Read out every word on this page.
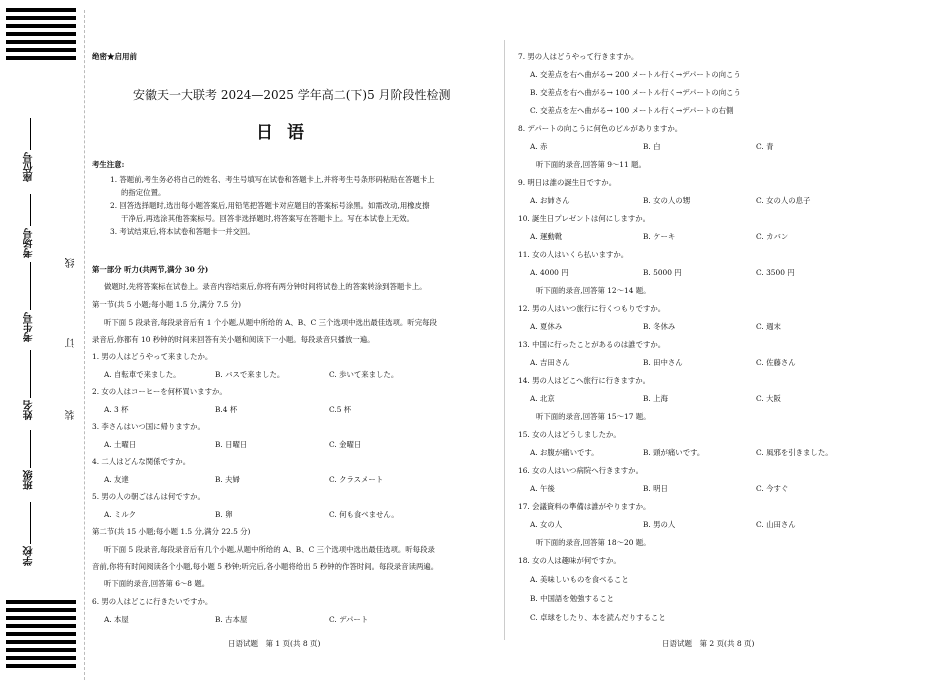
座位号
考场号
考生号
姓名
班级
学校
线
订
装
绝密★启用前
安徽天一大联考 2024—2025 学年高二(下)5 月阶段性检测
日语
考生注意:
1. 答题前,考生务必将自己的姓名、考生号填写在试卷和答题卡上,并将考生号条形码粘贴在答题卡上
的指定位置。
2. 回答选择题时,选出每小题答案后,用铅笔把答题卡对应题目的答案标号涂黑。如需改动,用橡皮擦
干净后,再选涂其他答案标号。回答非选择题时,将答案写在答题卡上。写在本试卷上无效。
3. 考试结束后,将本试卷和答题卡一并交回。
第一部分 听力(共两节,满分 30 分)
做题时,先将答案标在试卷上。录音内容结束后,你将有两分钟时间将试卷上的答案转涂到答题卡上。
第一节(共 5 小题;每小题 1.5 分,满分 7.5 分)
听下面 5 段录音,每段录音后有 1 个小题,从题中所给的 A、B、C 三个选项中选出最佳选项。听完每段
录音后,你都有 10 秒钟的时间来回答有关小题和阅读下一小题。每段录音只播放一遍。
1. 男の人はどうやって来ましたか。
A. 自転車で来ました。	B. バスで来ました。	C. 歩いて来ました。
2. 女の人はコーヒーを何杯買いますか。
A. 3 杯	B.4 杯	C.5 杯
3. 李さんはいつ国に帰りますか。
A. 土曜日	B. 日曜日	C. 金曜日
4. 二人はどんな関係ですか。
A. 友達	B. 夫婦	C. クラスメート
5. 男の人の朝ごはんは何ですか。
A. ミルク	B. 卵	C. 何も食べません。
第二节(共 15 小题;每小题 1.5 分,满分 22.5 分)
听下面 5 段录音,每段录音后有几个小题,从题中所给的 A、B、C 三个选项中选出最佳选项。听每段录
音前,你将有时间阅读各个小题,每小题 5 秒钟;听完后,各小题将给出 5 秒钟的作答时间。每段录音读两遍。
听下面的录音,回答第 6～8 题。
6. 男の人はどこに行きたいですか。
A. 本屋	B. 古本屋	C. デパート
日语试题　第 1 页(共 8 页)
7. 男の人はどうやって行きますか。
A. 交差点を右へ曲がる→ 200 メートル行く→デパートの向こう
B. 交差点を右へ曲がる→ 100 メートル行く→デパートの向こう
C. 交差点を左へ曲がる→ 100 メートル行く→デパートの右側
8. デパートの向こうに何色のビルがありますか。
A. 赤	B. 白	C. 青
听下面的录音,回答第 9～11 题。
9. 明日は誰の誕生日ですか。
A. お姉さん	B. 女の人の甥	C. 女の人の息子
10. 誕生日プレゼントは何にしますか。
A. 運動靴	B. ケーキ	C. カバン
11. 女の人はいくら払いますか。
A. 4000 円	B. 5000 円	C. 3500 円
听下面的录音,回答第 12～14 题。
12. 男の人はいつ旅行に行くつもりですか。
A. 夏休み	B. 冬休み	C. 週末
13. 中国に行ったことがあるのは誰ですか。
A. 吉田さん	B. 田中さん	C. 佐藤さん
14. 男の人はどこへ旅行に行きますか。
A. 北京	B. 上海	C. 大阪
听下面的录音,回答第 15～17 题。
15. 女の人はどうしましたか。
A. お腹が痛いです。	B. 頭が痛いです。	C. 風邪を引きました。
16. 女の人はいつ病院へ行きますか。
A. 午後	B. 明日	C. 今すぐ
17. 会議資料の準備は誰がやりますか。
A. 女の人	B. 男の人	C. 山田さん
听下面的录音,回答第 18～20 题。
18. 女の人は趣味が何ですか。
A. 美味しいものを食べること
B. 中国語を勉強すること
C. 卓球をしたり、本を読んだりすること
日语试题　第 2 页(共 8 页)
